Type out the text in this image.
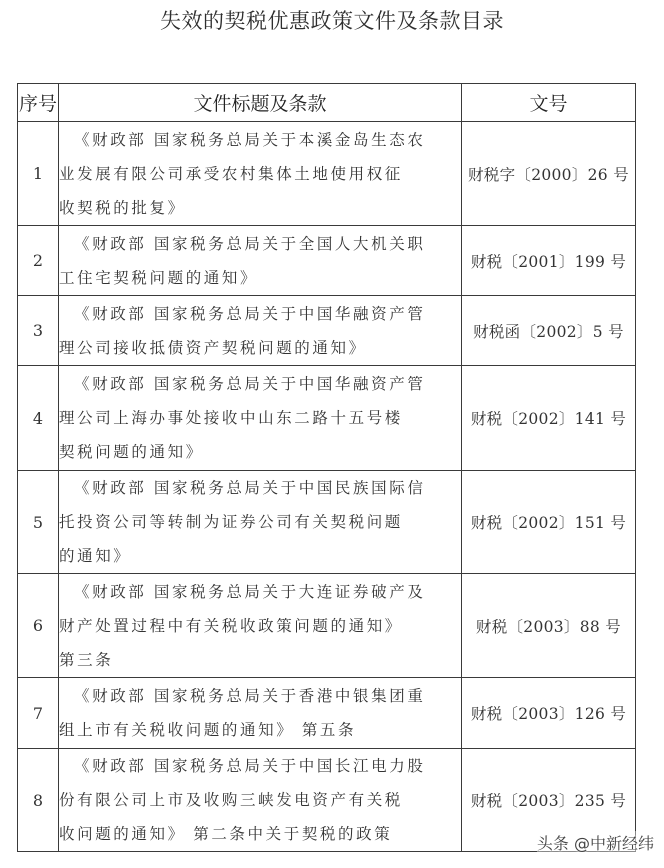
失效的契税优惠政策文件及条款目录
序号	文件标题及条款	文号
1	《财政部 国家税务总局关于本溪金岛生态农
业发展有限公司承受农村集体土地使用权征
收契税的批复》	财税字〔2000〕26 号
2	《财政部 国家税务总局关于全国人大机关职
工住宅契税问题的通知》	财税〔2001〕199 号
3	《财政部 国家税务总局关于中国华融资产管
理公司接收抵债资产契税问题的通知》	财税函〔2002〕5 号
4	《财政部 国家税务总局关于中国华融资产管
理公司上海办事处接收中山东二路十五号楼
契税问题的通知》	财税〔2002〕141 号
5	《财政部 国家税务总局关于中国民族国际信
托投资公司等转制为证券公司有关契税问题
的通知》	财税〔2002〕151 号
6	《财政部 国家税务总局关于大连证券破产及
财产处置过程中有关税收政策问题的通知》
第三条	财税〔2003〕88 号
7	《财政部 国家税务总局关于香港中银集团重
组上市有关税收问题的通知》 第五条	财税〔2003〕126 号
8	《财政部 国家税务总局关于中国长江电力股
份有限公司上市及收购三峡发电资产有关税
收问题的通知》 第二条中关于契税的政策	财税〔2003〕235 号
头条 @中新经纬
